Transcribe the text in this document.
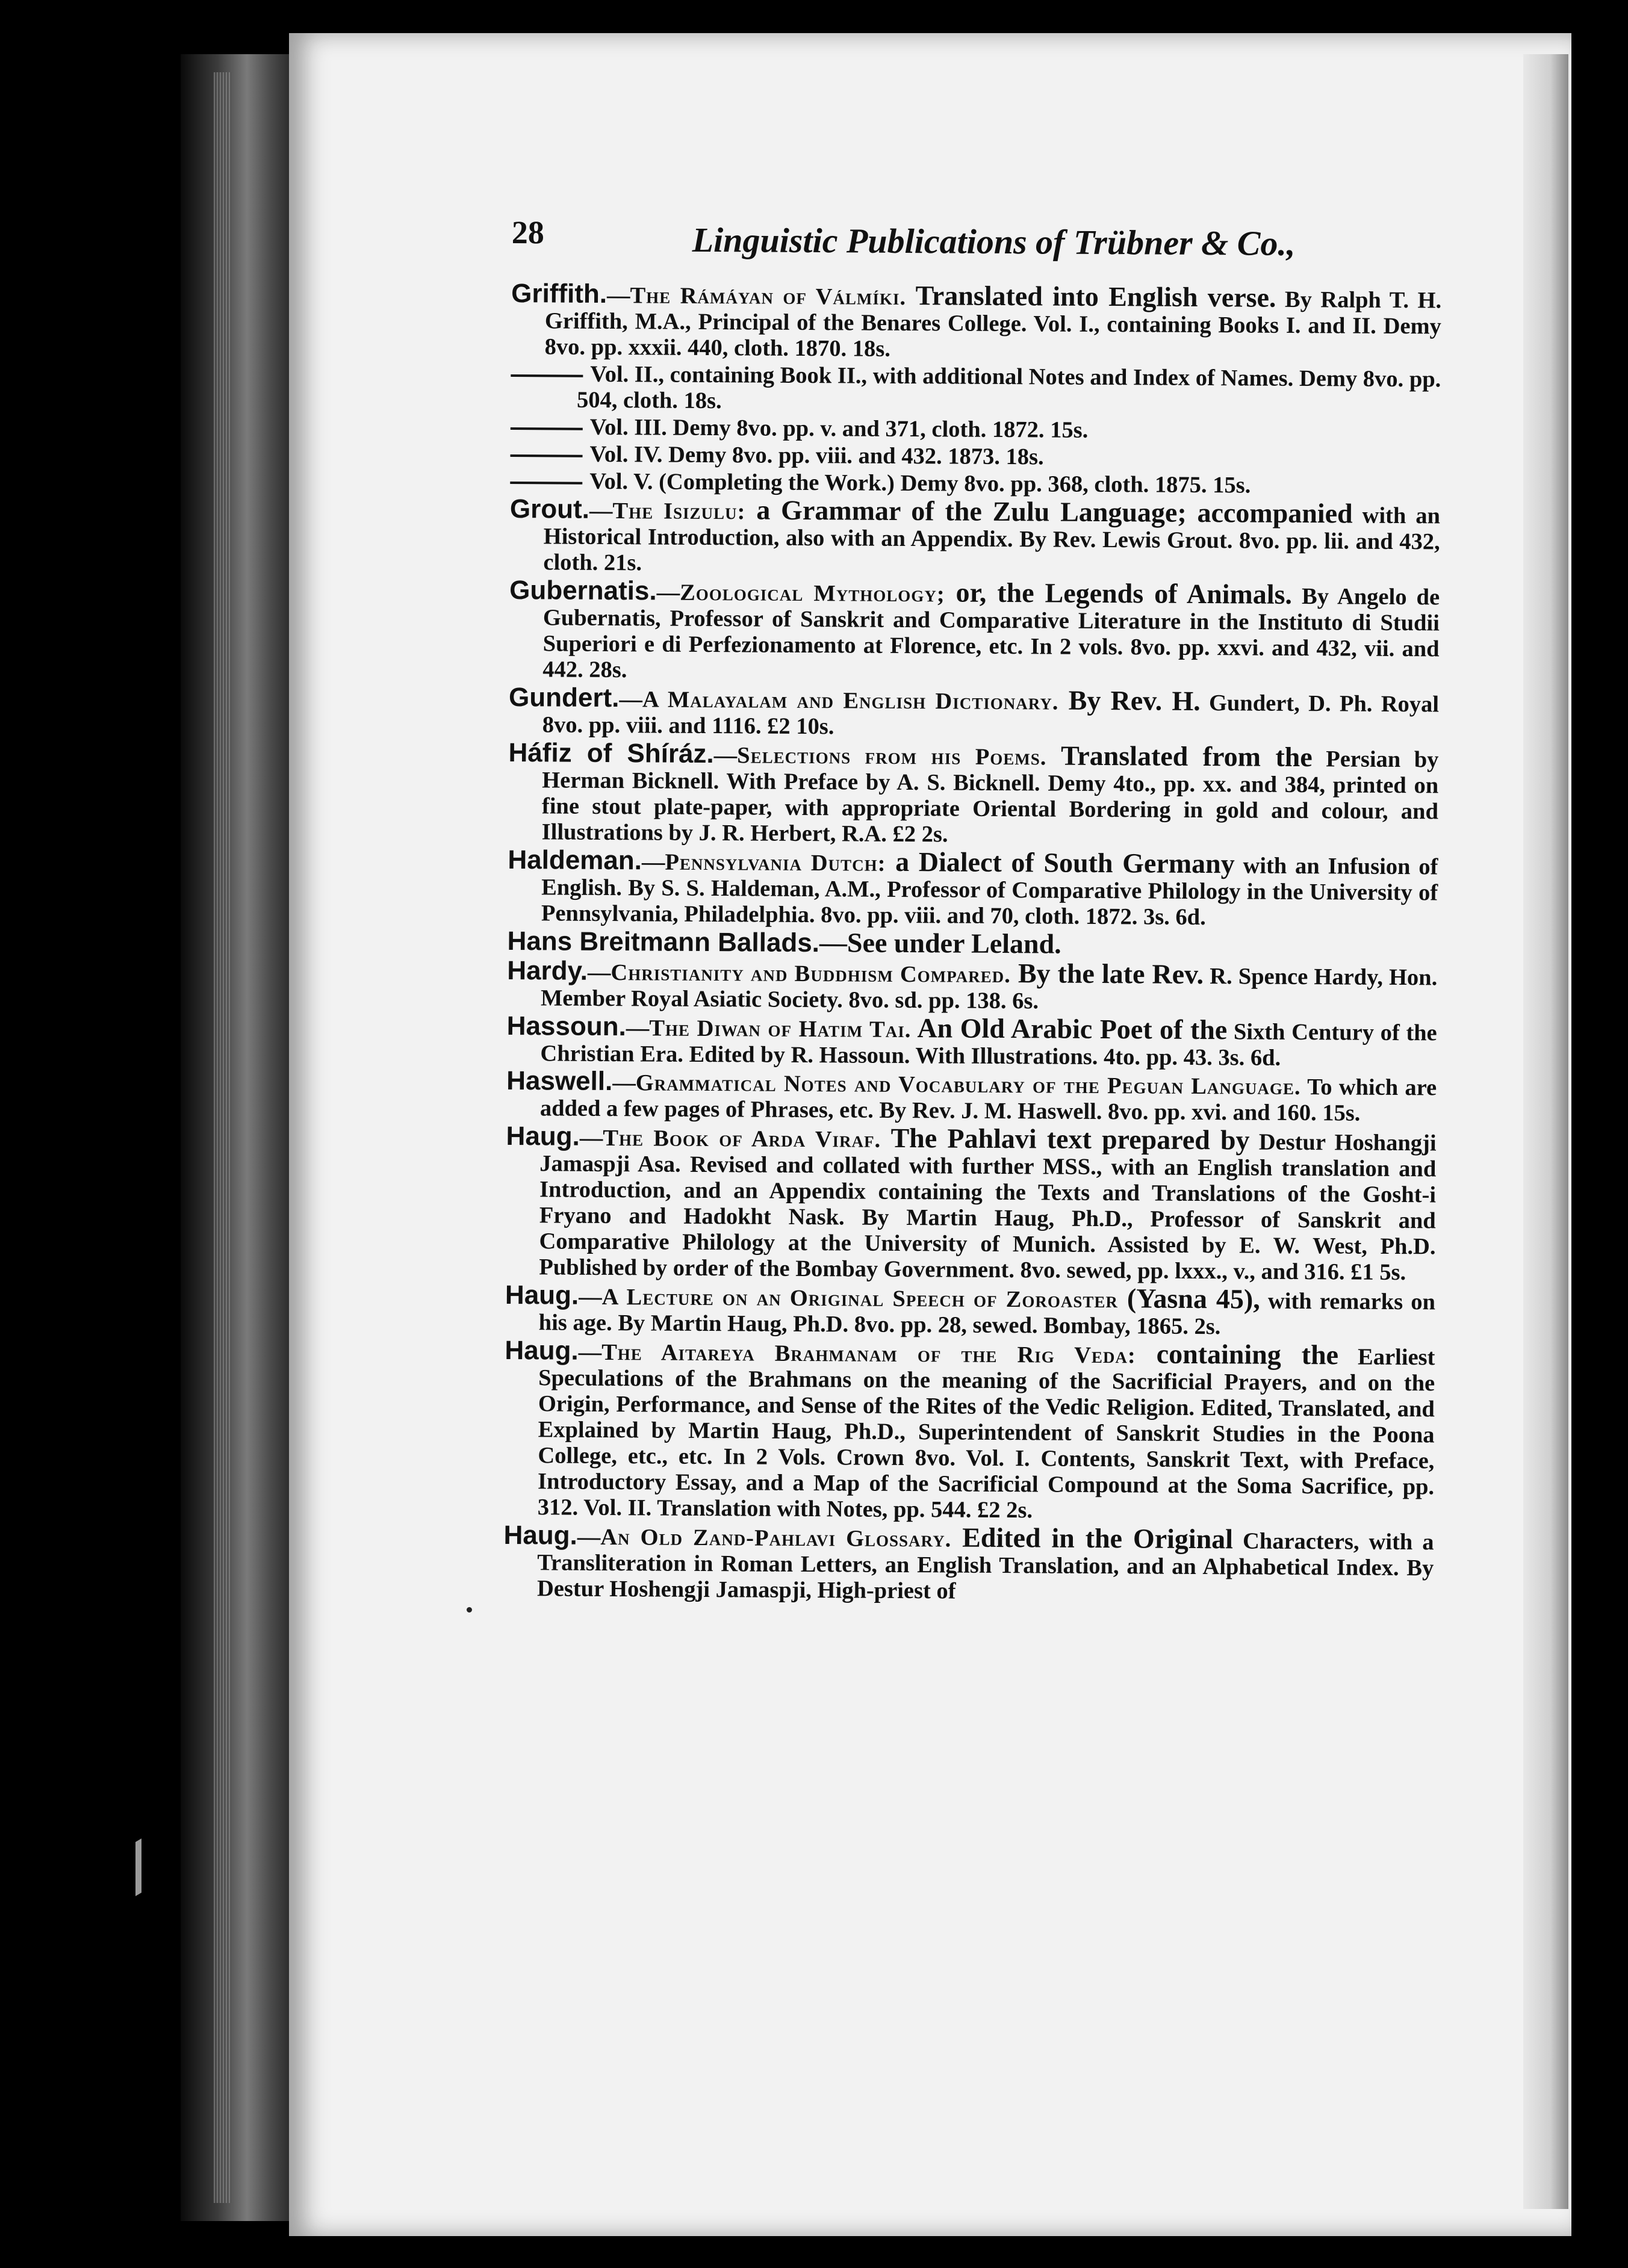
28	Linguistic Publications of Trübner & Co.,
Griffith.—The Rámáyan of Válmíki. Translated into English verse. By Ralph T. H. Griffith, M.A., Principal of the Benares College. Vol. I., containing Books I. and II. Demy 8vo. pp. xxxii. 440, cloth. 1870. 18s.
Vol. II., containing Book II., with additional Notes and Index of Names. Demy 8vo. pp. 504, cloth. 18s.
Vol. III. Demy 8vo. pp. v. and 371, cloth. 1872. 15s.
Vol. IV. Demy 8vo. pp. viii. and 432. 1873. 18s.
Vol. V. (Completing the Work.) Demy 8vo. pp. 368, cloth. 1875. 15s.
Grout.—The Isizulu: a Grammar of the Zulu Language; accompanied with an Historical Introduction, also with an Appendix. By Rev. Lewis Grout. 8vo. pp. lii. and 432, cloth. 21s.
Gubernatis.—Zoological Mythology; or, the Legends of Animals. By Angelo de Gubernatis, Professor of Sanskrit and Comparative Literature in the Instituto di Studii Superiori e di Perfezionamento at Florence, etc. In 2 vols. 8vo. pp. xxvi. and 432, vii. and 442. 28s.
Gundert.—A Malayalam and English Dictionary. By Rev. H. Gundert, D. Ph. Royal 8vo. pp. viii. and 1116. £2 10s.
Háfiz of Shíráz.—Selections from his Poems. Translated from the Persian by Herman Bicknell. With Preface by A. S. Bicknell. Demy 4to., pp. xx. and 384, printed on fine stout plate-paper, with appropriate Oriental Bordering in gold and colour, and Illustrations by J. R. Herbert, R.A. £2 2s.
Haldeman.—Pennsylvania Dutch: a Dialect of South Germany with an Infusion of English. By S. S. Haldeman, A.M., Professor of Comparative Philology in the University of Pennsylvania, Philadelphia. 8vo. pp. viii. and 70, cloth. 1872. 3s. 6d.
Hans Breitmann Ballads.—See under Leland.
Hardy.—Christianity and Buddhism Compared. By the late Rev. R. Spence Hardy, Hon. Member Royal Asiatic Society. 8vo. sd. pp. 138. 6s.
Hassoun.—The Diwan of Hatim Tai. An Old Arabic Poet of the Sixth Century of the Christian Era. Edited by R. Hassoun. With Illustrations. 4to. pp. 43. 3s. 6d.
Haswell.—Grammatical Notes and Vocabulary of the Peguan Language. To which are added a few pages of Phrases, etc. By Rev. J. M. Haswell. 8vo. pp. xvi. and 160. 15s.
Haug.—The Book of Arda Viraf. The Pahlavi text prepared by Destur Hoshangji Jamaspji Asa. Revised and collated with further MSS., with an English translation and Introduction, and an Appendix containing the Texts and Translations of the Gosht-i Fryano and Hadokht Nask. By Martin Haug, Ph.D., Professor of Sanskrit and Comparative Philology at the University of Munich. Assisted by E. W. West, Ph.D. Published by order of the Bombay Government. 8vo. sewed, pp. lxxx., v., and 316. £1 5s.
Haug.—A Lecture on an Original Speech of Zoroaster (Yasna 45), with remarks on his age. By Martin Haug, Ph.D. 8vo. pp. 28, sewed. Bombay, 1865. 2s.
Haug.—The Aitareya Brahmanam of the Rig Veda: containing the Earliest Speculations of the Brahmans on the meaning of the Sacrificial Prayers, and on the Origin, Performance, and Sense of the Rites of the Vedic Religion. Edited, Translated, and Explained by Martin Haug, Ph.D., Superintendent of Sanskrit Studies in the Poona College, etc., etc. In 2 Vols. Crown 8vo. Vol. I. Contents, Sanskrit Text, with Preface, Introductory Essay, and a Map of the Sacrificial Compound at the Soma Sacrifice, pp. 312. Vol. II. Translation with Notes, pp. 544. £2 2s.
Haug.—An Old Zand-Pahlavi Glossary. Edited in the Original Characters, with a Transliteration in Roman Letters, an English Translation, and an Alphabetical Index. By Destur Hoshengji Jamaspji, High-priest of
